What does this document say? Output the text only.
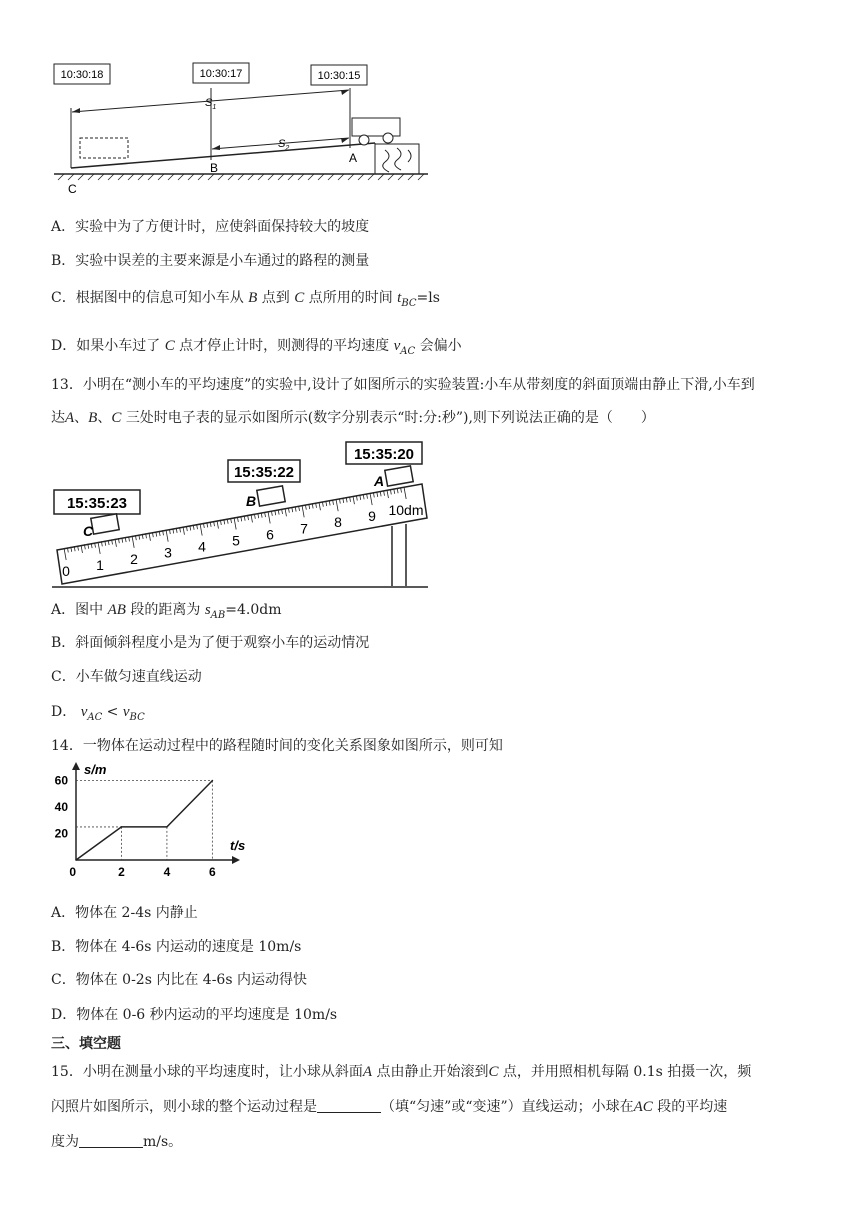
10:30:18	10:30:17	10:30:15
$S_1$
$S_2$
B
A
C
A．实验中为了方便计时，应使斜面保持较大的坡度
B．实验中误差的主要来源是小车通过的路程的测量
C．根据图中的信息可知小车从 B 点到 C 点所用的时间 $t_{BC}=ls$
D．如果小车过了 C 点才停止计时，则测得的平均速度 $v_{AC}$ 会偏小
13．小明在“测小车的平均速度”的实验中,设计了如图所示的实验装置:小车从带刻度的斜面顶端由静止下滑,小车到
达A、B、C 三处时电子表的显示如图所示(数字分别表示“时:分:秒”),则下列说法正确的是（　　）
15:35:23
15:35:22
15:35:20
C
B
A
0 1 2 3 4 5 6 7 8 9 10dm
A．图中 AB 段的距离为 $s_{AB}=4.0dm$
B．斜面倾斜程度小是为了便于观察小车的运动情况
C．小车做匀速直线运动
D． $v_{AC} < v_{BC}$
14．一物体在运动过程中的路程随时间的变化关系图象如图所示，则可知
s/m
t/s
0	2	4	6
20
40
60
A．物体在 2-4s 内静止
B．物体在 4-6s 内运动的速度是 10m/s
C．物体在 0-2s 内比在 4-6s 内运动得快
D．物体在 0-6 秒内运动的平均速度是 10m/s
三、填空题
15．小明在测量小球的平均速度时，让小球从斜面A 点由静止开始滚到C 点，并用照相机每隔 0.1s 拍摄一次，频
闪照片如图所示，则小球的整个运动过程是	（填“匀速”或“变速”）直线运动；小球在AC 段的平均速
度为	m/s。
